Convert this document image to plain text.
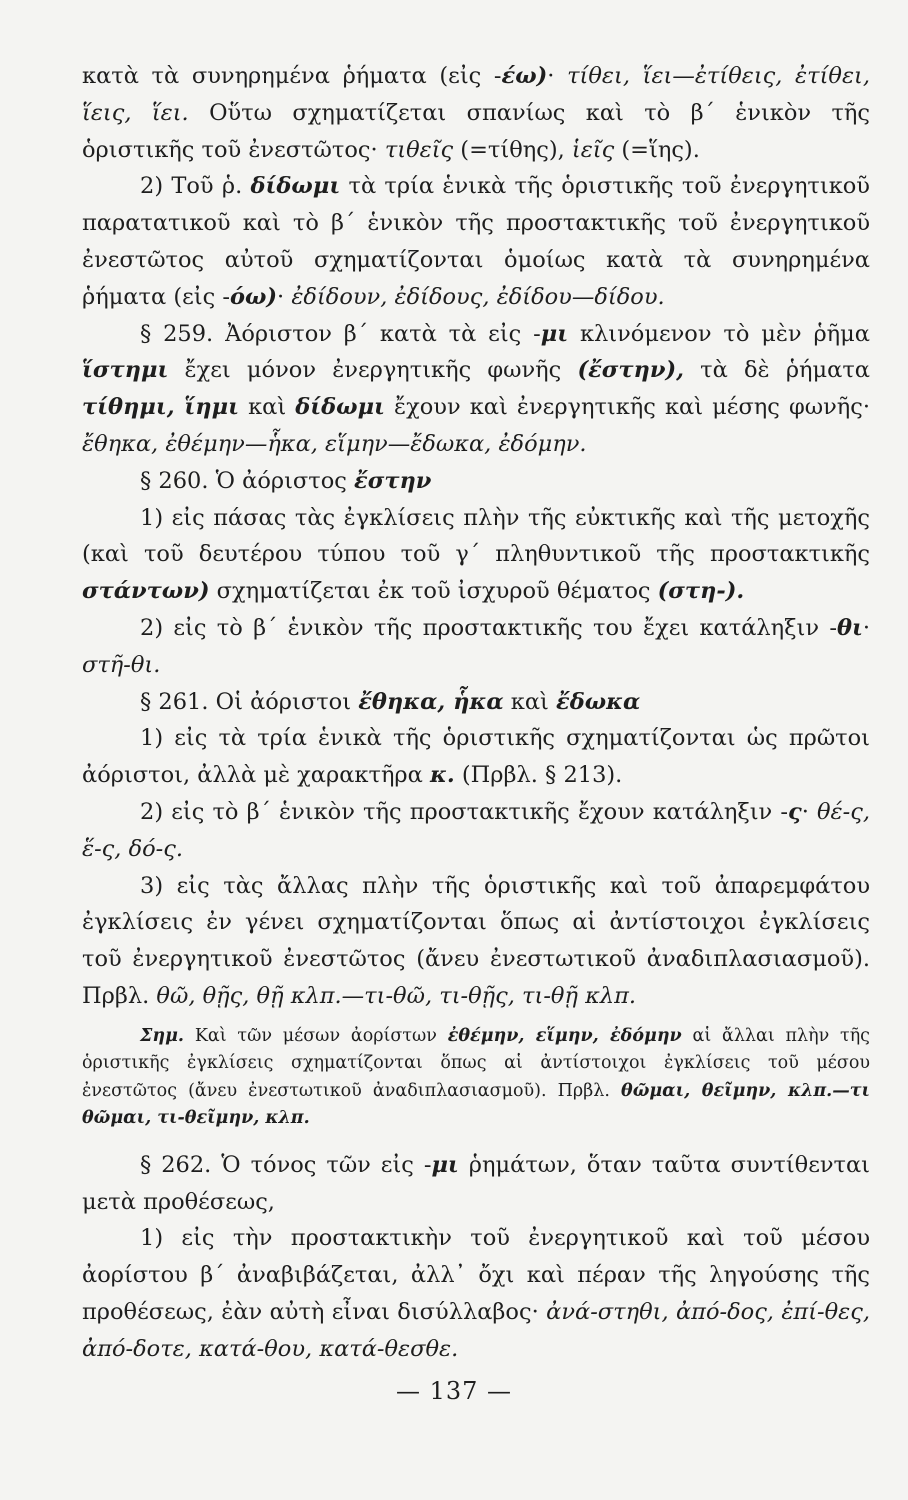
κατὰ τὰ συνηρημένα ῥήματα (εἰς -έω)· τίθει, ἵει—ἐτίθεις, ἐτίθει, ἵεις, ἵει. Οὕτω σχηματίζεται σπανίως καὶ τὸ β΄ ἑνικὸν τῆς ὁριστικῆς τοῦ ἐνεστῶτος· τιθεῖς (=τίθης), ἱεῖς (=ἵης).

2) Τοῦ ῥ. δίδωμι τὰ τρία ἑνικὰ τῆς ὁριστικῆς τοῦ ἐνεργητικοῦ παρατατικοῦ καὶ τὸ β΄ ἑνικὸν τῆς προστακτικῆς τοῦ ἐνεργητικοῦ ἐνεστῶτος αὐτοῦ σχηματίζονται ὁμοίως κατὰ τὰ συνηρημένα ῥήματα (εἰς -όω)· ἐδίδουν, ἐδίδους, ἐδίδου—δίδου.

§ 259. Ἀόριστον β΄ κατὰ τὰ εἰς -μι κλινόμενον τὸ μὲν ῥῆμα ἵστημι ἔχει μόνον ἐνεργητικῆς φωνῆς (ἔστην), τὰ δὲ ῥήματα τίθημι, ἵημι καὶ δίδωμι ἔχουν καὶ ἐνεργητικῆς καὶ μέσης φωνῆς· ἔθηκα, ἐθέμην—ἧκα, εἵμην—ἔδωκα, ἐδόμην.

§ 260. Ὁ ἀόριστος ἔστην

1) εἰς πάσας τὰς ἐγκλίσεις πλὴν τῆς εὐκτικῆς καὶ τῆς μετοχῆς (καὶ τοῦ δευτέρου τύπου τοῦ γ΄ πληθυντικοῦ τῆς προστακτικῆς στάντων) σχηματίζεται ἐκ τοῦ ἰσχυροῦ θέματος (στη-).

2) εἰς τὸ β΄ ἑνικὸν τῆς προστακτικῆς του ἔχει κατάληξιν -θι· στῆ-θι.

§ 261. Οἱ ἀόριστοι ἔθηκα, ἧκα καὶ ἔδωκα

1) εἰς τὰ τρία ἑνικὰ τῆς ὁριστικῆς σχηματίζονται ὡς πρῶτοι ἀόριστοι, ἀλλὰ μὲ χαρακτῆρα κ. (Πρβλ. § 213).

2) εἰς τὸ β΄ ἑνικὸν τῆς προστακτικῆς ἔχουν κατάληξιν -ς· θέ-ς, ἕ-ς, δό-ς.

3) εἰς τὰς ἄλλας πλὴν τῆς ὁριστικῆς καὶ τοῦ ἀπαρεμφάτου ἐγκλίσεις ἐν γένει σχηματίζονται ὅπως αἱ ἀντίστοιχοι ἐγκλίσεις τοῦ ἐνεργητικοῦ ἐνεστῶτος (ἄνευ ἐνεστωτικοῦ ἀναδιπλασιασμοῦ). Πρβλ. θῶ, θῇς, θῇ κλπ.—τι-θῶ, τι-θῇς, τι-θῇ κλπ.

Σημ. Καὶ τῶν μέσων ἀορίστων ἐθέμην, εἵμην, ἐδόμην αἱ ἄλλαι πλὴν τῆς ὁριστικῆς ἐγκλίσεις σχηματίζονται ὅπως αἱ ἀντίστοιχοι ἐγκλίσεις τοῦ μέσου ἐνεστῶτος (ἄνευ ἐνεστωτικοῦ ἀναδιπλασιασμοῦ). Πρβλ. θῶμαι, θεῖμην, κλπ.—τι θῶμαι, τι-θεῖμην, κλπ.

§ 262. Ὁ τόνος τῶν εἰς -μι ῥημάτων, ὅταν ταῦτα συντίθενται μετὰ προθέσεως,

1) εἰς τὴν προστακτικὴν τοῦ ἐνεργητικοῦ καὶ τοῦ μέσου ἀορίστου β΄ ἀναβιβάζεται, ἀλλ᾽ ὄχι καὶ πέραν τῆς ληγούσης τῆς προθέσεως, ἐὰν αὐτὴ εἶναι δισύλλαβος· ἀνά-στηθι, ἀπό-δος, ἐπί-θες, ἀπό-δοτε, κατά-θου, κατά-θεσθε.

— 137 —
